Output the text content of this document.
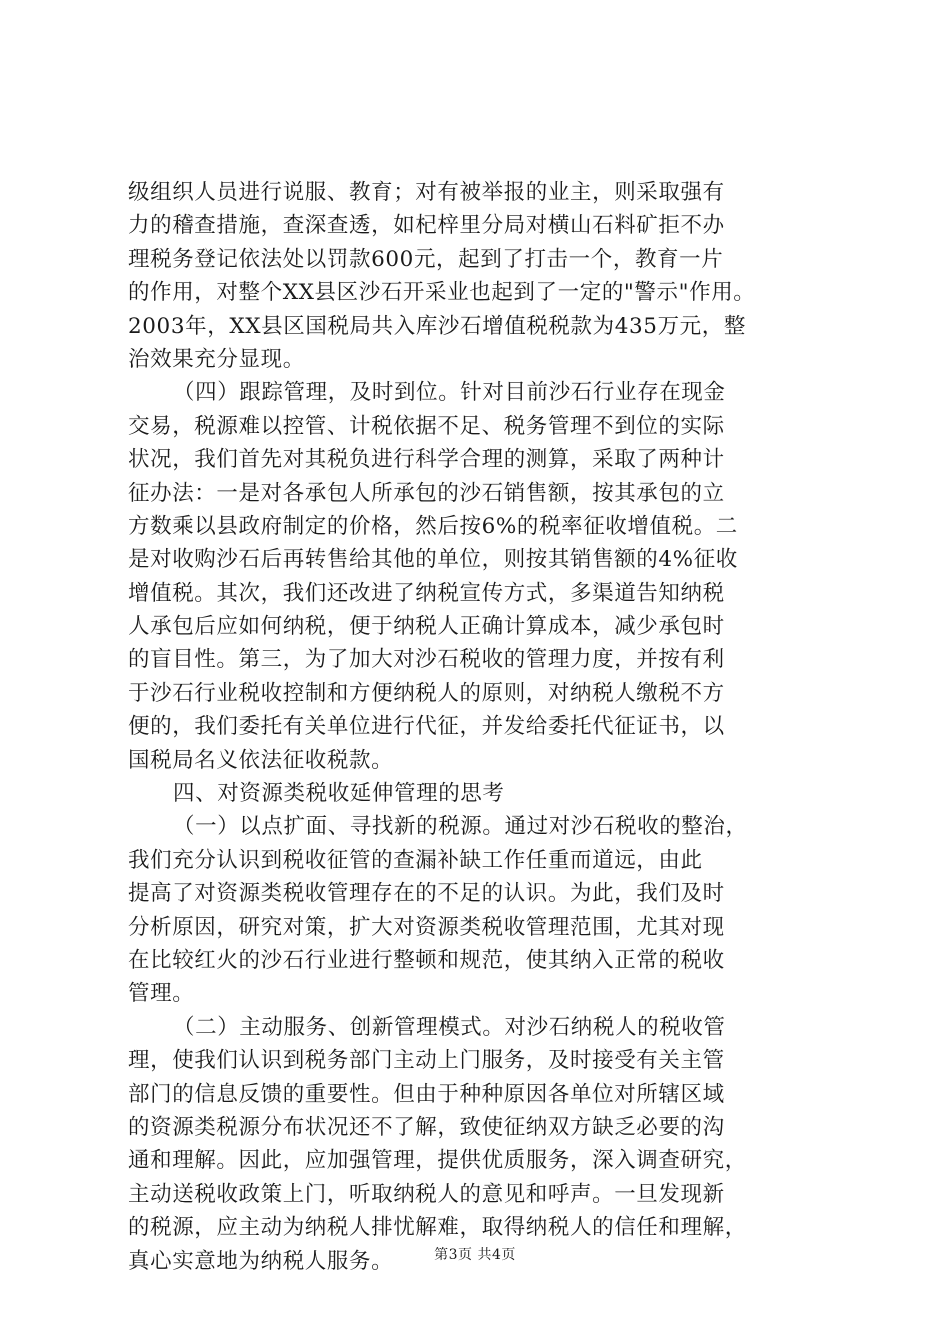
级组织人员进行说服、教育；对有被举报的业主，则采取强有
力的稽查措施，查深查透，如杞梓里分局对横山石料矿拒不办
理税务登记依法处以罚款600元，起到了打击一个，教育一片
的作用，对整个XX县区沙石开采业也起到了一定的"警示"作用。
2003年，XX县区国税局共入库沙石增值税税款为435万元，整
治效果充分显现。
（四）跟踪管理，及时到位。针对目前沙石行业存在现金
交易，税源难以控管、计税依据不足、税务管理不到位的实际
状况，我们首先对其税负进行科学合理的测算，采取了两种计
征办法：一是对各承包人所承包的沙石销售额，按其承包的立
方数乘以县政府制定的价格，然后按6%的税率征收增值税。二
是对收购沙石后再转售给其他的单位，则按其销售额的4%征收
增值税。其次，我们还改进了纳税宣传方式，多渠道告知纳税
人承包后应如何纳税，便于纳税人正确计算成本，减少承包时
的盲目性。第三，为了加大对沙石税收的管理力度，并按有利
于沙石行业税收控制和方便纳税人的原则，对纳税人缴税不方
便的，我们委托有关单位进行代征，并发给委托代征证书，以
国税局名义依法征收税款。
四、对资源类税收延伸管理的思考
（一）以点扩面、寻找新的税源。通过对沙石税收的整治，
我们充分认识到税收征管的查漏补缺工作任重而道远，由此
提高了对资源类税收管理存在的不足的认识。为此，我们及时
分析原因，研究对策，扩大对资源类税收管理范围，尤其对现
在比较红火的沙石行业进行整顿和规范，使其纳入正常的税收
管理。
（二）主动服务、创新管理模式。对沙石纳税人的税收管
理，使我们认识到税务部门主动上门服务，及时接受有关主管
部门的信息反馈的重要性。但由于种种原因各单位对所辖区域
的资源类税源分布状况还不了解，致使征纳双方缺乏必要的沟
通和理解。因此，应加强管理，提供优质服务，深入调查研究，
主动送税收政策上门，听取纳税人的意见和呼声。一旦发现新
的税源，应主动为纳税人排忧解难，取得纳税人的信任和理解，
真心实意地为纳税人服务。	第3页 共4页
